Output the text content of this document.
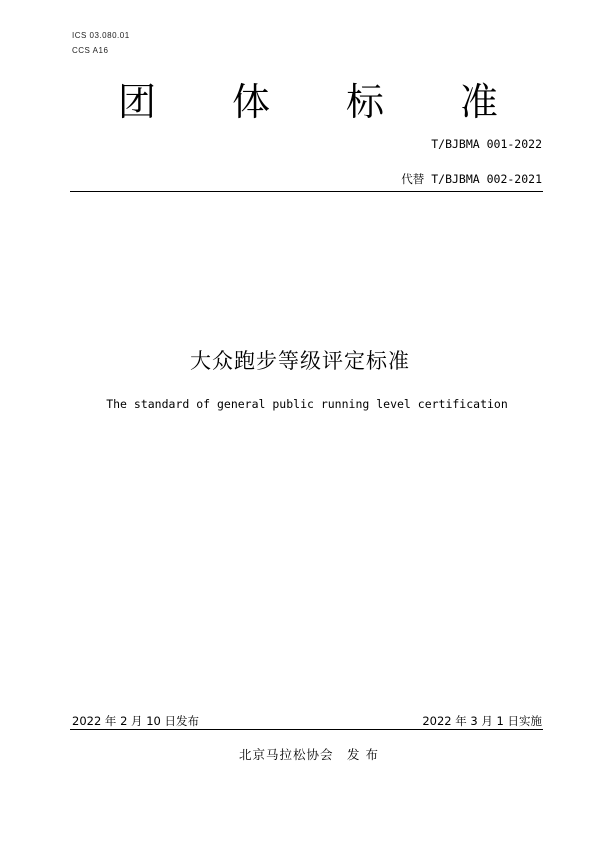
ICS 03.080.01
CCS A16
团 体 标 准
T/BJBMA 001-2022
代替 T/BJBMA 002-2021
大众跑步等级评定标准
The standard of general public running level certification
2022 年 2 月 10 日发布	2022 年 3 月 1 日实施
北京马拉松协会　发 布
